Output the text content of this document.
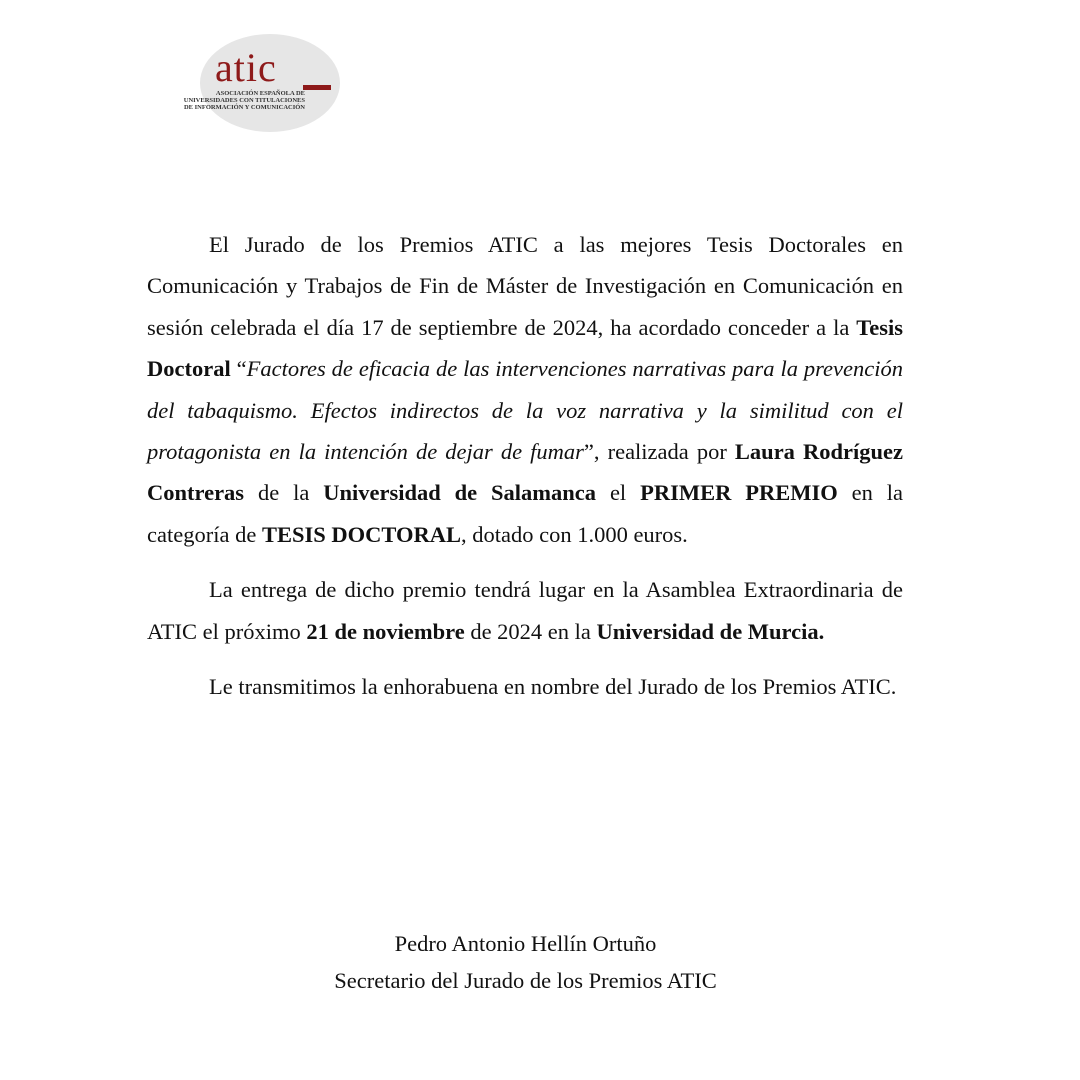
atic
ASOCIACIÓN ESPAÑOLA DE
UNIVERSIDADES CON TITULACIONES
DE INFORMACIÓN Y COMUNICACIÓN

El Jurado de los Premios ATIC a las mejores Tesis Doctorales en Comunicación y Trabajos de Fin de Máster de Investigación en Comunicación en sesión celebrada el día 17 de septiembre de 2024, ha acordado conceder a la Tesis Doctoral “Factores de eficacia de las intervenciones narrativas para la prevención del tabaquismo. Efectos indirectos de la voz narrativa y la similitud con el protagonista en la intención de dejar de fumar”, realizada por Laura Rodríguez Contreras de la Universidad de Salamanca el PRIMER PREMIO en la categoría de TESIS DOCTORAL, dotado con 1.000 euros.

La entrega de dicho premio tendrá lugar en la Asamblea Extraordinaria de ATIC el próximo 21 de noviembre de 2024 en la Universidad de Murcia.

Le transmitimos la enhorabuena en nombre del Jurado de los Premios ATIC.

Pedro Antonio Hellín Ortuño
Secretario del Jurado de los Premios ATIC
